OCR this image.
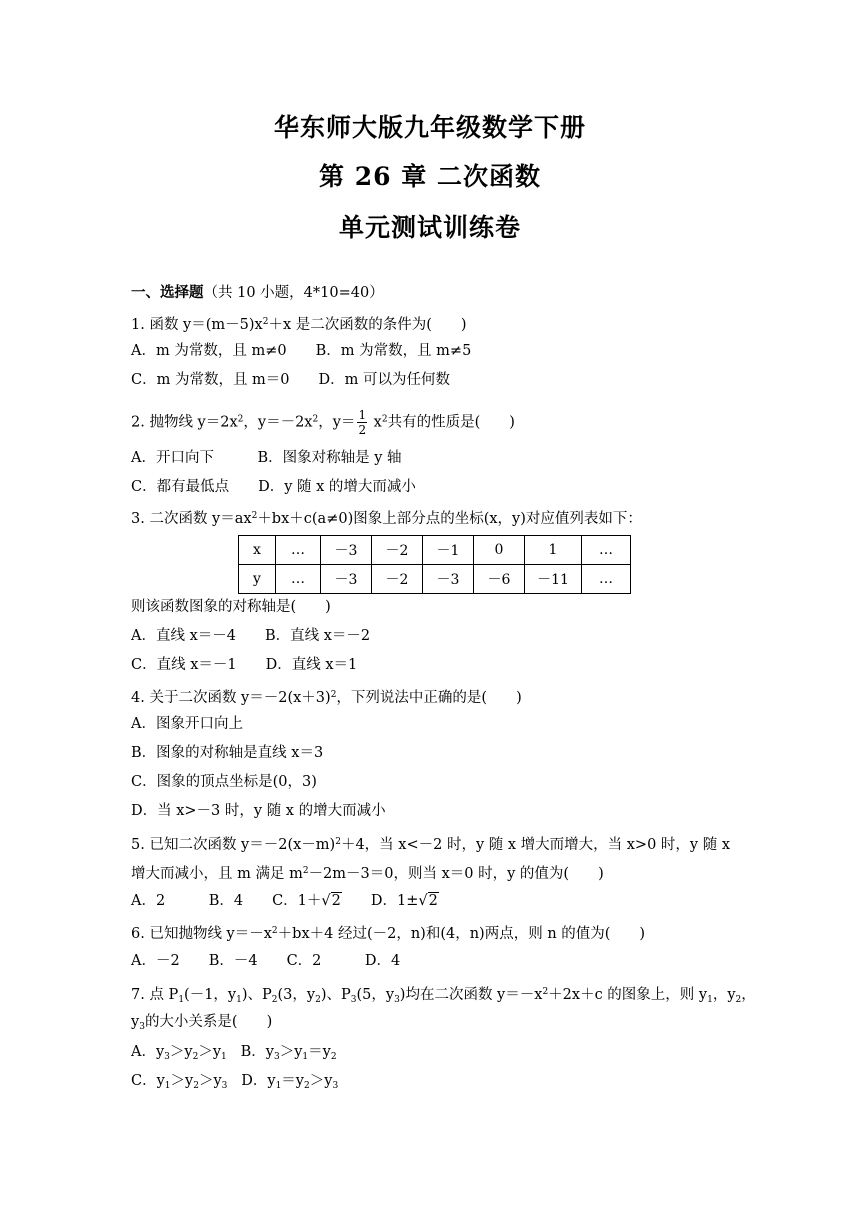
华东师大版九年级数学下册
第 26 章 二次函数
单元测试训练卷
一、选择题（共 10 小题，4*10=40）
1. 函数 $y=(m-5)x^2+x$ 是二次函数的条件为(　　)
A．m 为常数，且 m≠0　　B．m 为常数，且 m≠5
C．m 为常数，且 m＝0　　D．m 可以为任何数
2. 抛物线 $y=2x^2$，$y=-2x^2$，$y= \frac{1}{2} x^2$共有的性质是(　　)
A．开口向下　　　B．图象对称轴是 y 轴
C．都有最低点　　D．y 随 x 的增大而减小
3. 二次函数 $y=ax^2+bx+c(a\ne 0)$图象上部分点的坐标(x，y)对应值列表如下：
x	…	－3	－2	－1	0	1	…
y	…	－3	－2	－3	－6	－11	…
则该函数图象的对称轴是(　　)
A．直线 x＝－4　　B．直线 x＝－2
C．直线 x＝－1　　D．直线 x＝1
4. 关于二次函数 $y=-2(x+3)^2$，下列说法中正确的是(　　)
A．图象开口向上
B．图象的对称轴是直线 x＝3
C．图象的顶点坐标是(0，3)
D．当 x>－3 时，y 随 x 的增大而减小
5. 已知二次函数 $y=-2(x-m)^2+4$，当 x<－2 时，y 随 x 增大而增大，当 x>0 时，y 随 x
增大而减小，且 m 满足 $m^2-2m-3=0$，则当 x＝0 时，y 的值为(　　)
A．2　　　B．4　　C．1＋√2　　D．1±√2
6. 已知抛物线 $y=-x^2+bx+4$ 经过(－2，n)和(4，n)两点，则 n 的值为(　　)
A．－2　　B．－4　　C．2　　　D．4
7. 点 $P_1(-1$，$y_1$)、$P_2(3$，$y_2$)、$P_3(5$，$y_3$)均在二次函数 $y=-x^2+2x+c$ 的图象上，则 $y_1$，$y_2$，
$y_3$的大小关系是(　　)
A．$y_3>y_2>y_1$ B．$y_3>y_1=y_2$
C．$y_1>y_2>y_3$ D．$y_1=y_2>y_3$
